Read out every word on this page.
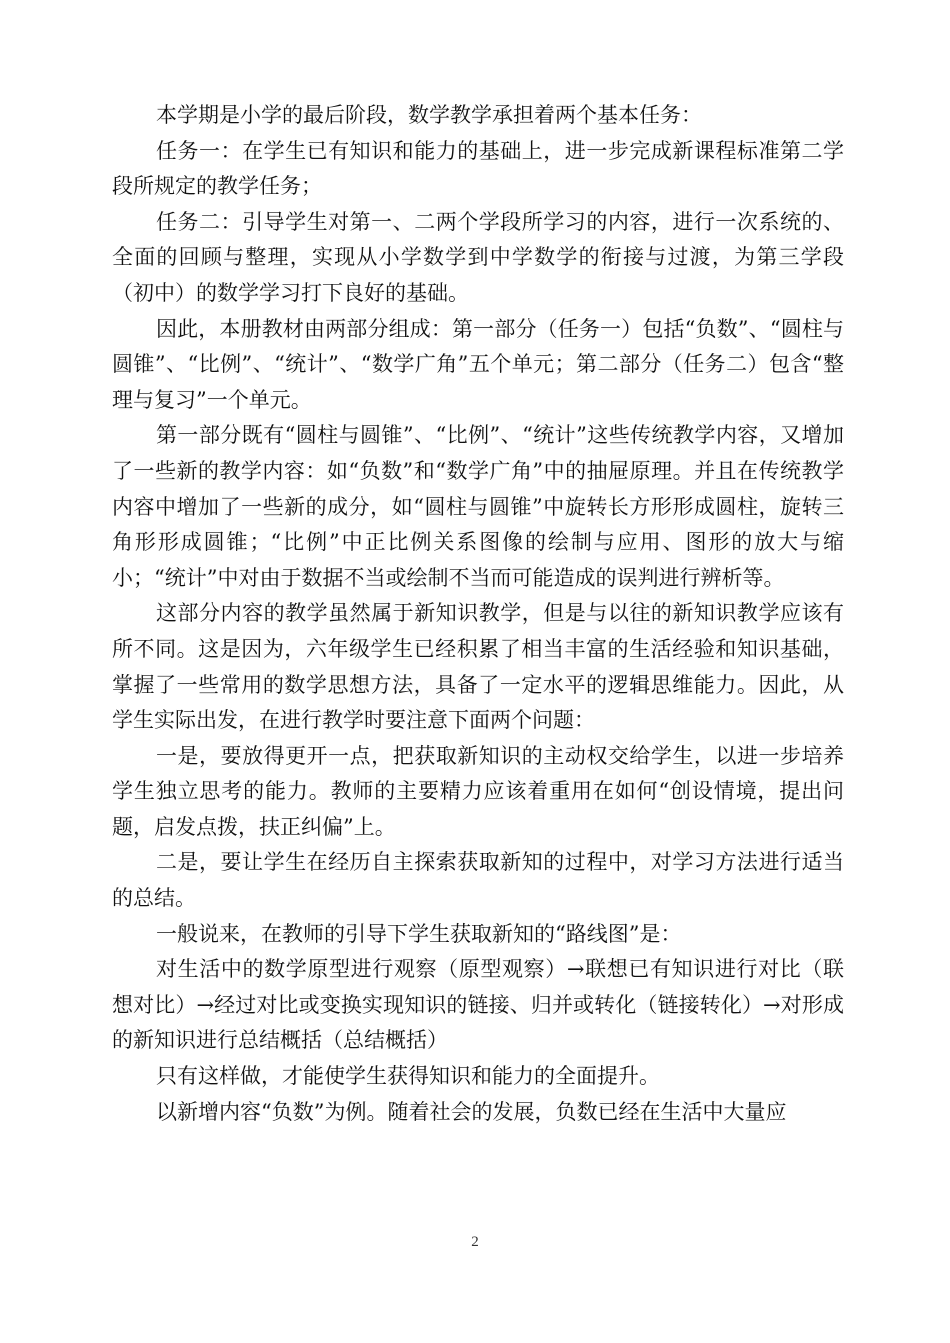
本学期是小学的最后阶段，数学教学承担着两个基本任务：

任务一：在学生已有知识和能力的基础上，进一步完成新课程标准第二学段所规定的教学任务；

任务二：引导学生对第一、二两个学段所学习的内容，进行一次系统的、全面的回顾与整理，实现从小学数学到中学数学的衔接与过渡，为第三学段（初中）的数学学习打下良好的基础。

因此，本册教材由两部分组成：第一部分（任务一）包括“负数”、“圆柱与圆锥”、“比例”、“统计”、“数学广角”五个单元；第二部分（任务二）包含“整理与复习”一个单元。

第一部分既有“圆柱与圆锥”、“比例”、“统计”这些传统教学内容，又增加了一些新的教学内容：如“负数”和“数学广角”中的抽屉原理。并且在传统教学内容中增加了一些新的成分，如“圆柱与圆锥”中旋转长方形形成圆柱，旋转三角形形成圆锥；“比例”中正比例关系图像的绘制与应用、图形的放大与缩小；“统计”中对由于数据不当或绘制不当而可能造成的误判进行辨析等。

这部分内容的教学虽然属于新知识教学，但是与以往的新知识教学应该有所不同。这是因为，六年级学生已经积累了相当丰富的生活经验和知识基础，掌握了一些常用的数学思想方法，具备了一定水平的逻辑思维能力。因此，从学生实际出发，在进行教学时要注意下面两个问题：

一是，要放得更开一点，把获取新知识的主动权交给学生，以进一步培养学生独立思考的能力。教师的主要精力应该着重用在如何“创设情境，提出问题，启发点拨，扶正纠偏”上。

二是，要让学生在经历自主探索获取新知的过程中，对学习方法进行适当的总结。

一般说来，在教师的引导下学生获取新知的“路线图”是：

对生活中的数学原型进行观察（原型观察）→联想已有知识进行对比（联想对比）→经过对比或变换实现知识的链接、归并或转化（链接转化）→对形成的新知识进行总结概括（总结概括）

只有这样做，才能使学生获得知识和能力的全面提升。

以新增内容“负数”为例。随着社会的发展，负数已经在生活中大量应

2
